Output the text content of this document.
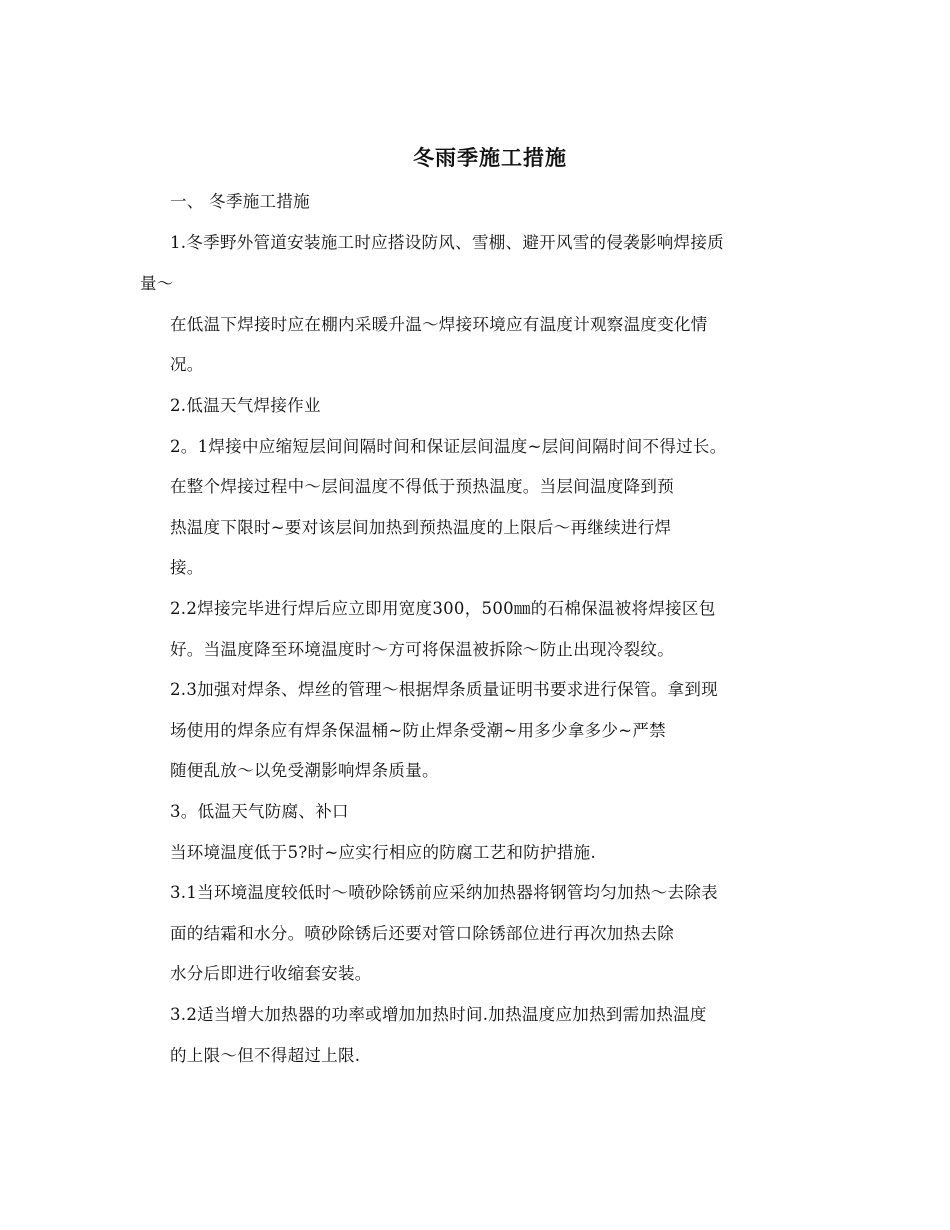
冬雨季施工措施
一、 冬季施工措施
1.冬季野外管道安装施工时应搭设防风、雪棚、避开风雪的侵袭影响焊接质
量～
在低温下焊接时应在棚内采暖升温～焊接环境应有温度计观察温度变化情
况。
2.低温天气焊接作业
2。1焊接中应缩短层间间隔时间和保证层间温度~层间间隔时间不得过长。
在整个焊接过程中～层间温度不得低于预热温度。当层间温度降到预
热温度下限时~要对该层间加热到预热温度的上限后～再继续进行焊
接。
2.2焊接完毕进行焊后应立即用宽度300，500㎜的石棉保温被将焊接区包
好。当温度降至环境温度时～方可将保温被拆除～防止出现冷裂纹。
2.3加强对焊条、焊丝的管理～根据焊条质量证明书要求进行保管。拿到现
场使用的焊条应有焊条保温桶~防止焊条受潮~用多少拿多少~严禁
随便乱放～以免受潮影响焊条质量。
3。低温天气防腐、补口
当环境温度低于5?时~应实行相应的防腐工艺和防护措施.
3.1当环境温度较低时～喷砂除锈前应采纳加热器将钢管均匀加热～去除表
面的结霜和水分。喷砂除锈后还要对管口除锈部位进行再次加热去除
水分后即进行收缩套安装。
3.2适当增大加热器的功率或增加加热时间.加热温度应加热到需加热温度
的上限～但不得超过上限.
